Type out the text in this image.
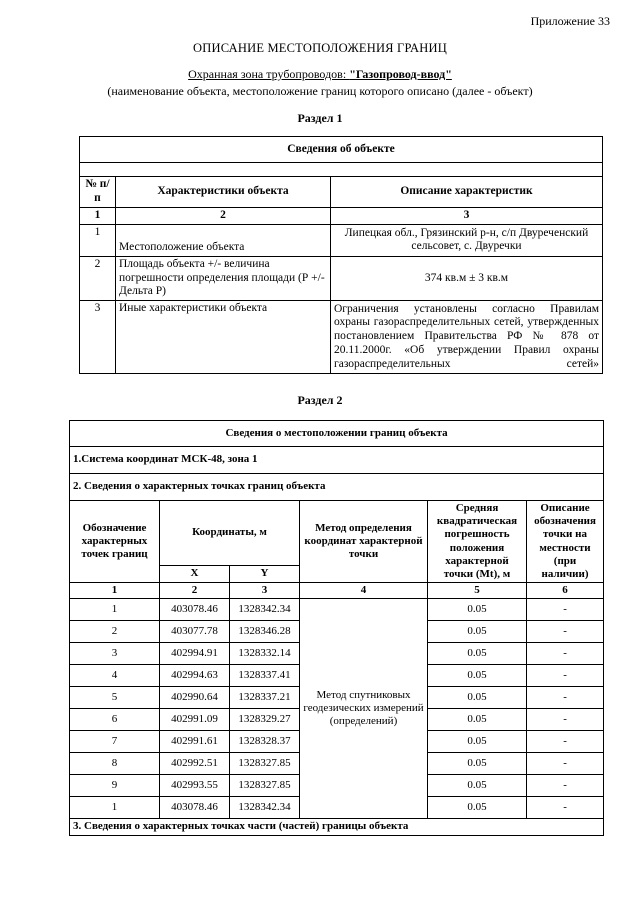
Приложение 33
ОПИСАНИЕ МЕСТОПОЛОЖЕНИЯ ГРАНИЦ
Охранная зона трубопроводов: "Газопровод-ввод"
(наименование объекта, местоположение границ которого описано (далее - объект)
Раздел 1
Сведения об объекте		

№ п/п	Характеристики объекта	Описание характеристик
1	2	3
1	Местоположение объекта	Липецкая обл., Грязинский р-н, с/п Двуреченский сельсовет, с. Двуречки
2	Площадь объекта +/- величина погрешности определения площади (Р +/- Дельта Р)	374 кв.м ± 3 кв.м
3	Иные характеристики объекта	Ограничения установлены согласно Правилам охраны газораспределительных сетей, утвержденных постановлением Правительства РФ № 878 от 20.11.2000г. «Об утверждении Правил охраны газораспределительных сетей»
Раздел 2
Сведения о местоположении границ объекта					
1.Система координат МСК-48, зона 1					
2. Сведения о характерных точках границ объекта					
Обозначение характерных точек границ	Координаты, м		Метод определения координат характерной точки	Средняя квадратическая погрешность положения характерной точки (Mt), м	Описание обозначения точки на местности (при наличии)
	X	Y			
1	2	3	4	5	6
1	403078.46	1328342.34	Метод спутниковых геодезических измерений (определений)	0.05	-
2	403077.78	1328346.28		0.05	-
3	402994.91	1328332.14		0.05	-
4	402994.63	1328337.41		0.05	-
5	402990.64	1328337.21		0.05	-
6	402991.09	1328329.27		0.05	-
7	402991.61	1328328.37		0.05	-
8	402992.51	1328327.85		0.05	-
9	402993.55	1328327.85		0.05	-
1	403078.46	1328342.34		0.05	-
3. Сведения о характерных точках части (частей) границы объекта					
